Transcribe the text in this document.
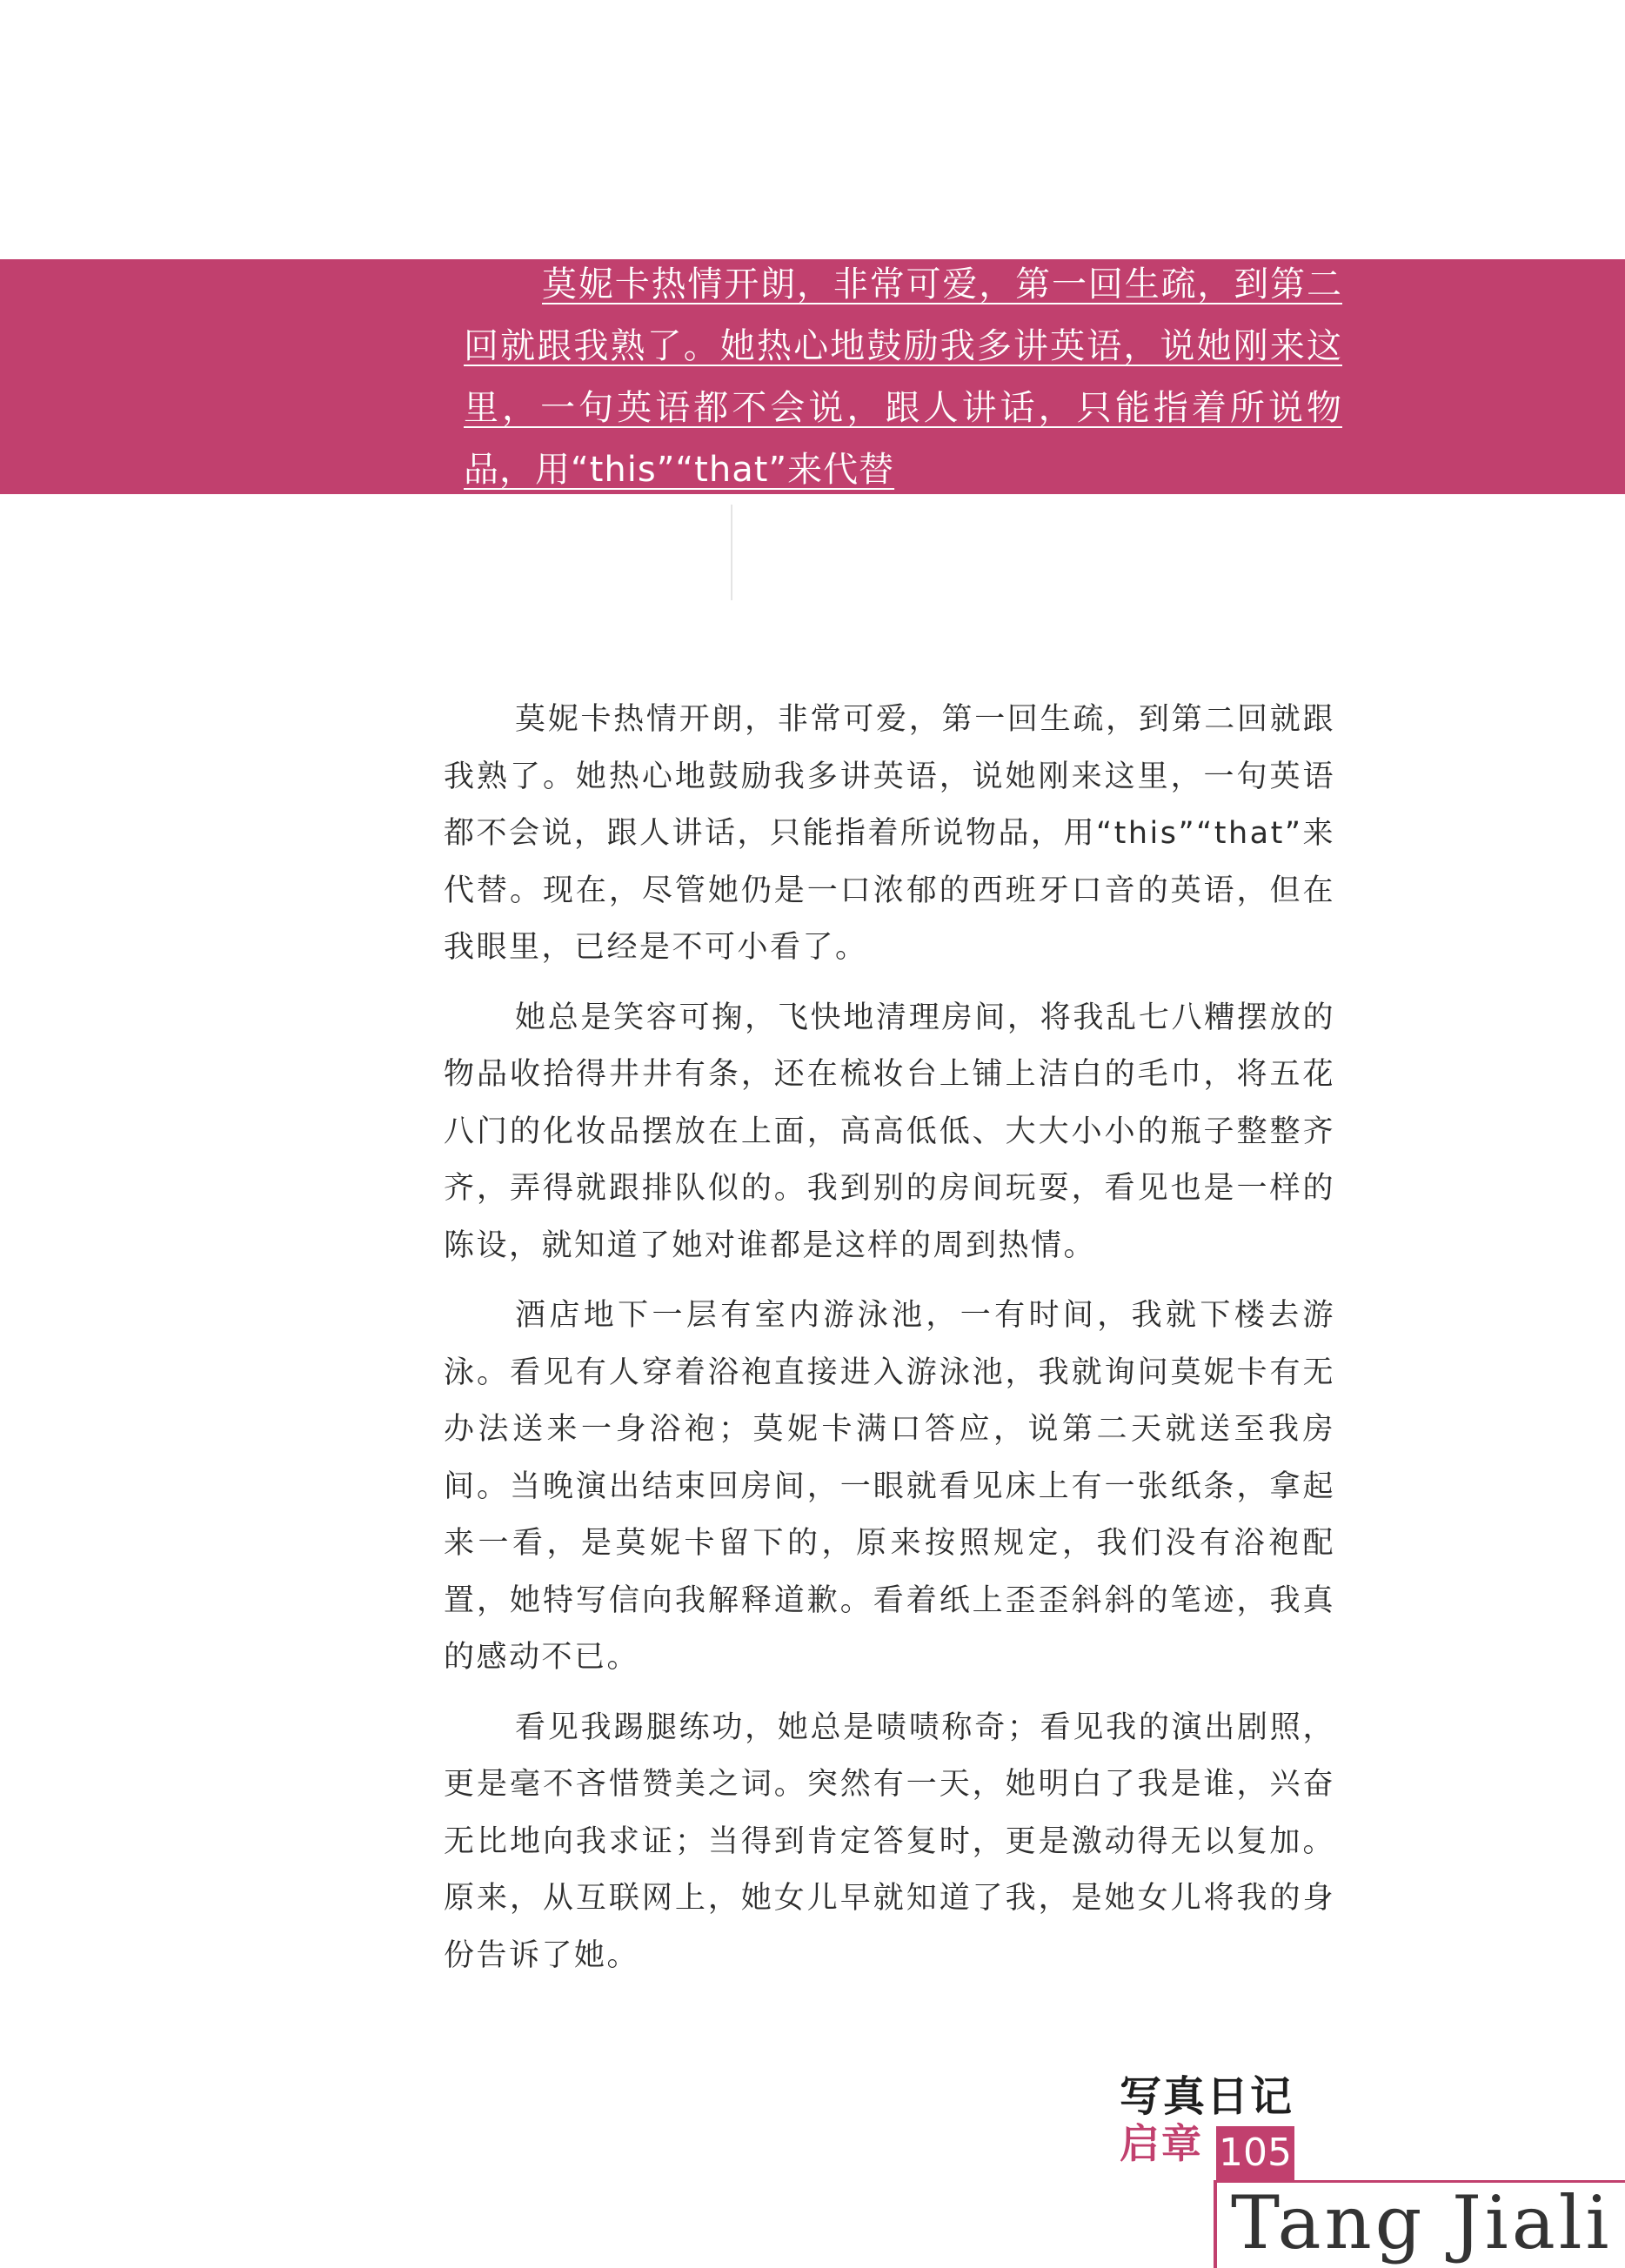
莫妮卡热情开朗，非常可爱，第一回生疏，到第二回就跟我熟了。她热心地鼓励我多讲英语，说她刚来这里，一句英语都不会说，跟人讲话，只能指着所说物品，用“this”“that”来代替

莫妮卡热情开朗，非常可爱，第一回生疏，到第二回就跟我熟了。她热心地鼓励我多讲英语，说她刚来这里，一句英语都不会说，跟人讲话，只能指着所说物品，用“this”“that”来代替。现在，尽管她仍是一口浓郁的西班牙口音的英语，但在我眼里，已经是不可小看了。

她总是笑容可掬，飞快地清理房间，将我乱七八糟摆放的物品收拾得井井有条，还在梳妆台上铺上洁白的毛巾，将五花八门的化妆品摆放在上面，高高低低、大大小小的瓶子整整齐齐，弄得就跟排队似的。我到别的房间玩耍，看见也是一样的陈设，就知道了她对谁都是这样的周到热情。

酒店地下一层有室内游泳池，一有时间，我就下楼去游泳。看见有人穿着浴袍直接进入游泳池，我就询问莫妮卡有无办法送来一身浴袍；莫妮卡满口答应，说第二天就送至我房间。当晚演出结束回房间，一眼就看见床上有一张纸条，拿起来一看，是莫妮卡留下的，原来按照规定，我们没有浴袍配置，她特写信向我解释道歉。看着纸上歪歪斜斜的笔迹，我真的感动不已。

看见我踢腿练功，她总是啧啧称奇；看见我的演出剧照，更是毫不吝惜赞美之词。突然有一天，她明白了我是谁，兴奋无比地向我求证；当得到肯定答复时，更是激动得无以复加。原来，从互联网上，她女儿早就知道了我，是她女儿将我的身份告诉了她。

写真日记
启章 105
Tang Jiali
